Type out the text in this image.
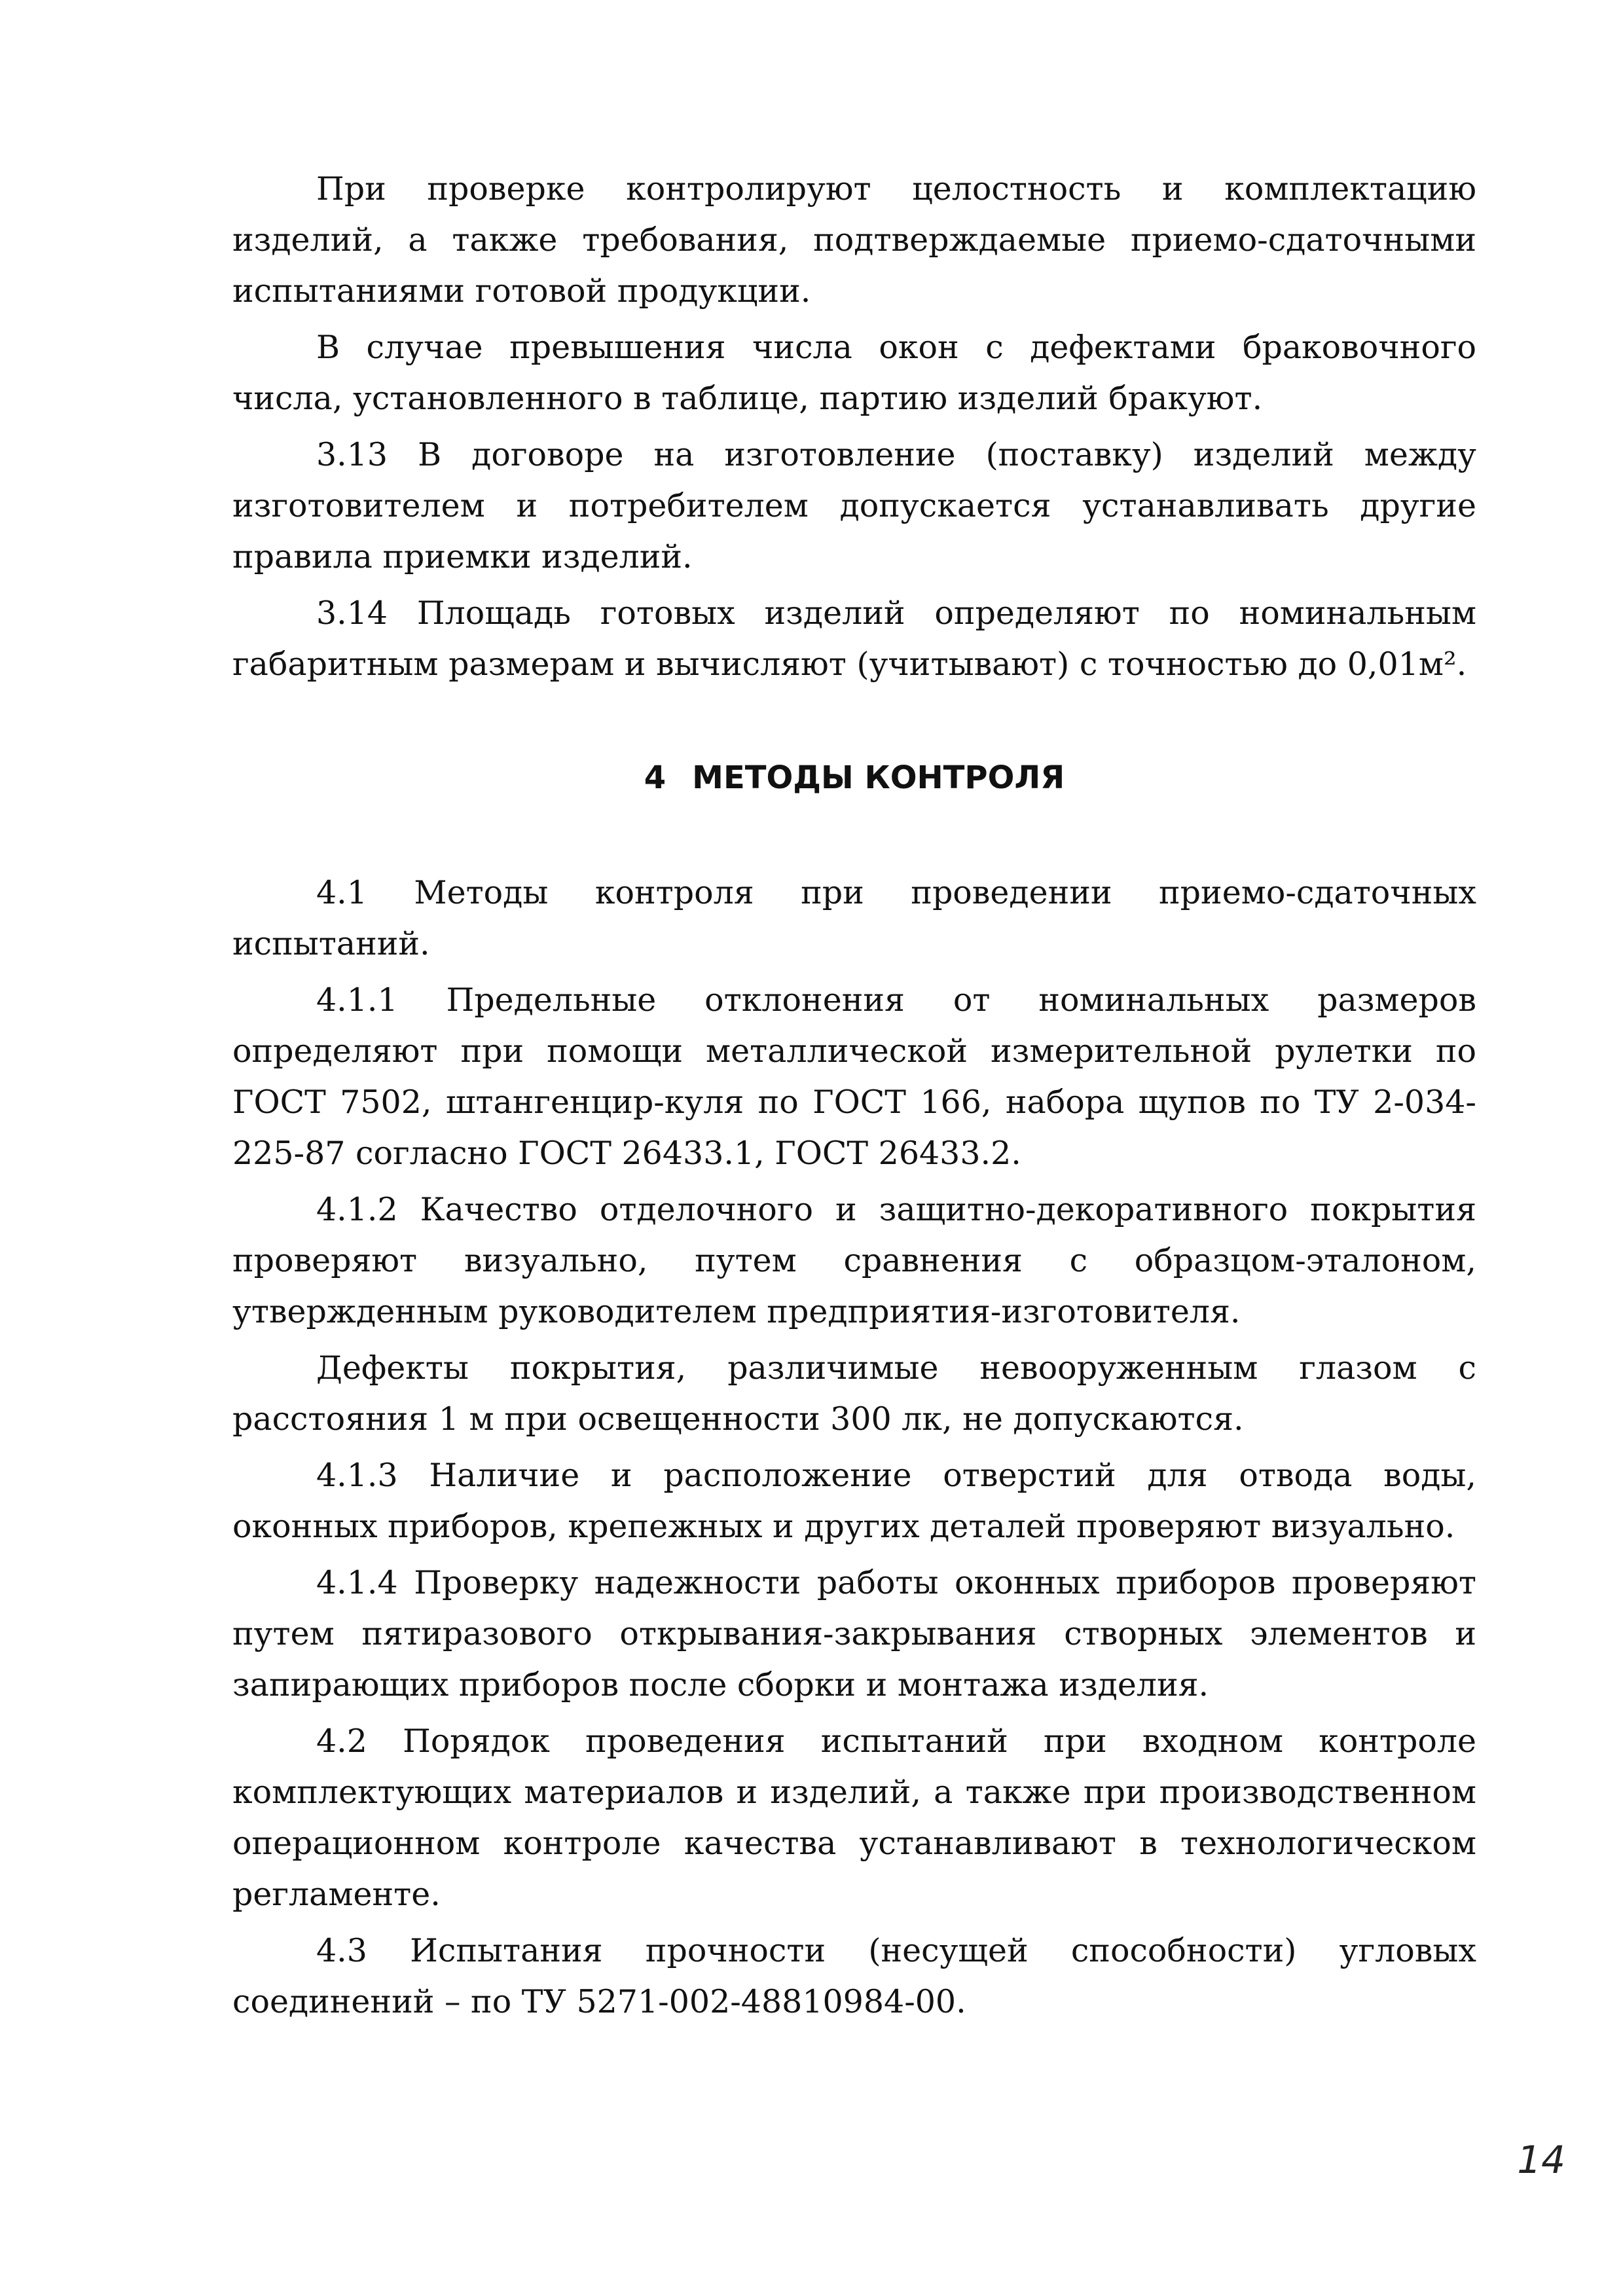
При проверке контролируют целостность и комплектацию изделий, а также требования, подтверждаемые приемо-сдаточными испытаниями готовой продукции.

В случае превышения числа окон с дефектами браковочного числа, установленного в таблице, партию изделий бракуют.

3.13 В договоре на изготовление (поставку) изделий между изготовителем и потребителем допускается устанавливать другие правила приемки изделий.

3.14 Площадь готовых изделий определяют по номинальным габаритным размерам и вычисляют (учитывают) с точностью до 0,01м².

4 МЕТОДЫ КОНТРОЛЯ

4.1 Методы контроля при проведении приемо-сдаточных испытаний.

4.1.1 Предельные отклонения от номинальных размеров определяют при помощи металлической измерительной рулетки по ГОСТ 7502, штангенцир-куля по ГОСТ 166, набора щупов по ТУ 2-034-225-87 согласно ГОСТ 26433.1, ГОСТ 26433.2.

4.1.2 Качество отделочного и защитно-декоративного покрытия проверяют визуально, путем сравнения с образцом-эталоном, утвержденным руководителем предприятия-изготовителя.

Дефекты покрытия, различимые невооруженным глазом с расстояния 1 м при освещенности 300 лк, не допускаются.

4.1.3 Наличие и расположение отверстий для отвода воды, оконных приборов, крепежных и других деталей проверяют визуально.

4.1.4 Проверку надежности работы оконных приборов проверяют путем пятиразового открывания-закрывания створных элементов и запирающих приборов после сборки и монтажа изделия.

4.2 Порядок проведения испытаний при входном контроле комплектующих материалов и изделий, а также при производственном операционном контроле качества устанавливают в технологическом регламенте.

4.3 Испытания прочности (несущей способности) угловых соединений – по ТУ 5271-002-48810984-00.

14
